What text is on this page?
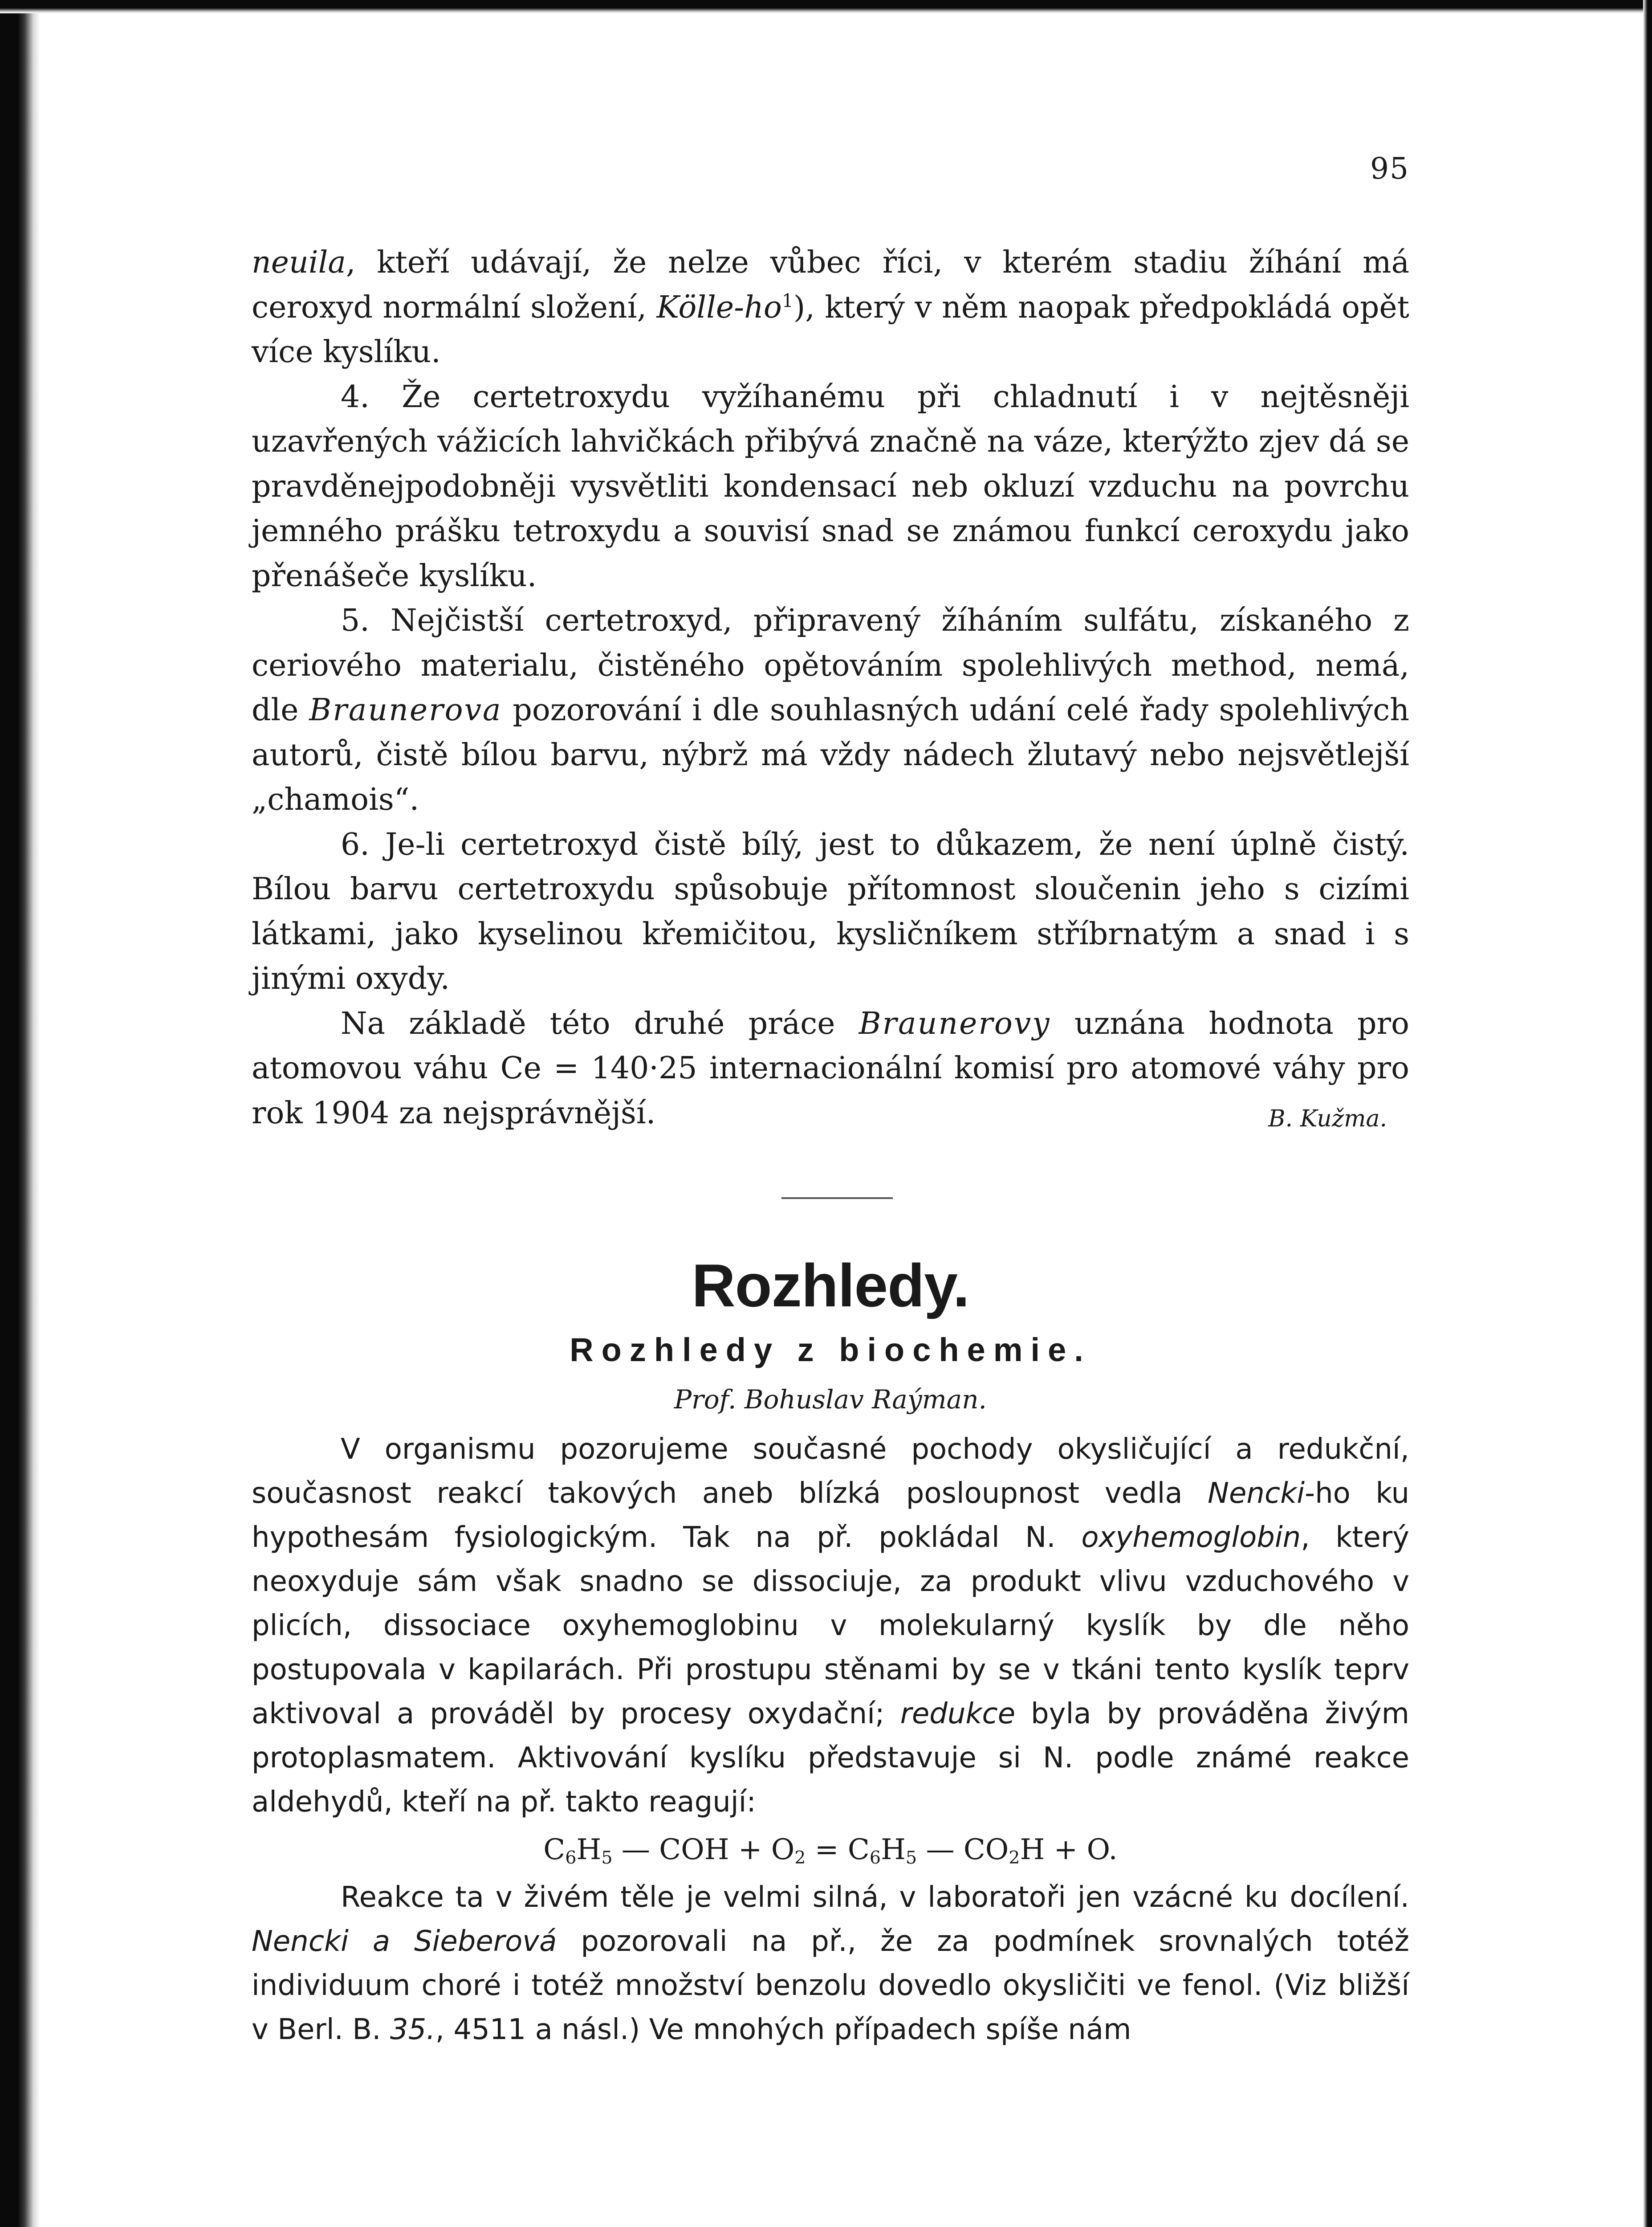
95

neuila, kteří udávají, že nelze vůbec říci, v kterém stadiu žíhání má ceroxyd normální složení, Kölle-$ho^1$), který v něm naopak předpokládá opět více kyslíku.

4. Že certetroxydu vyžíhanému při chladnutí i v nejtěsněji uzavřených vážicích lahvičkách přibývá značně na váze, kterýžto zjev dá se pravděnejpodobněji vysvětliti kondensací neb okluzí vzduchu na povrchu jemného prášku tetroxydu a souvisí snad se známou funkcí ceroxydu jako přenášeče kyslíku.

5. Nejčistší certetroxyd, připravený žíháním sulfátu, získaného z ceriového materialu, čistěného opětováním spolehlivých method, nemá, dle Braunerova pozorování i dle souhlasných udání celé řady spolehlivých autorů, čistě bílou barvu, nýbrž má vždy nádech žlutavý nebo nejsvětlejší „chamois“.

6. Je-li certetroxyd čistě bílý, jest to důkazem, že není úplně čistý. Bílou barvu certetroxydu spůsobuje přítomnost sloučenin jeho s cizími látkami, jako kyselinou křemičitou, kysličníkem stříbrnatým a snad i s jinými oxydy.

Na základě této druhé práce Braunerovy uznána hodnota pro atomovou váhu Ce = 140·25 internacionální komisí pro atomové váhy pro rok 1904 za nejsprávnější.	B. Kužma.

Rozhledy.
Rozhledy z biochemie.
Prof. Bohuslav Raýman.

V organismu pozorujeme současné pochody okysličující a redukční, současnost reakcí takových aneb blízká posloupnost vedla Nencki-ho ku hypothesám fysiologickým. Tak na př. pokládal N. oxyhemoglobin, který neoxyduje sám však snadno se dissociuje, za produkt vlivu vzduchového v plicích, dissociace oxyhemoglobinu v molekularný kyslík by dle něho postupovala v kapilarách. Při prostupu stěnami by se v tkáni tento kyslík teprv aktivoval a prováděl by procesy oxydační; redukce byla by prováděna živým protoplasmatem. Aktivování kyslíku představuje si N. podle známé reakce aldehydů, kteří na př. takto reagují:

$C_6H_5$ — COH + $O_2 = C_6H_5$ — $CO_2H + O$.

Reakce ta v živém těle je velmi silná, v laboratoři jen vzácné ku docílení. Nencki a Sieberová pozorovali na př., že za podmínek srovnalých totéž individuum choré i totéž množství benzolu dovedlo okysličiti ve fenol. (Viz bližší v Berl. B. 35., 4511 a násl.) Ve mnohých případech spíše nám
